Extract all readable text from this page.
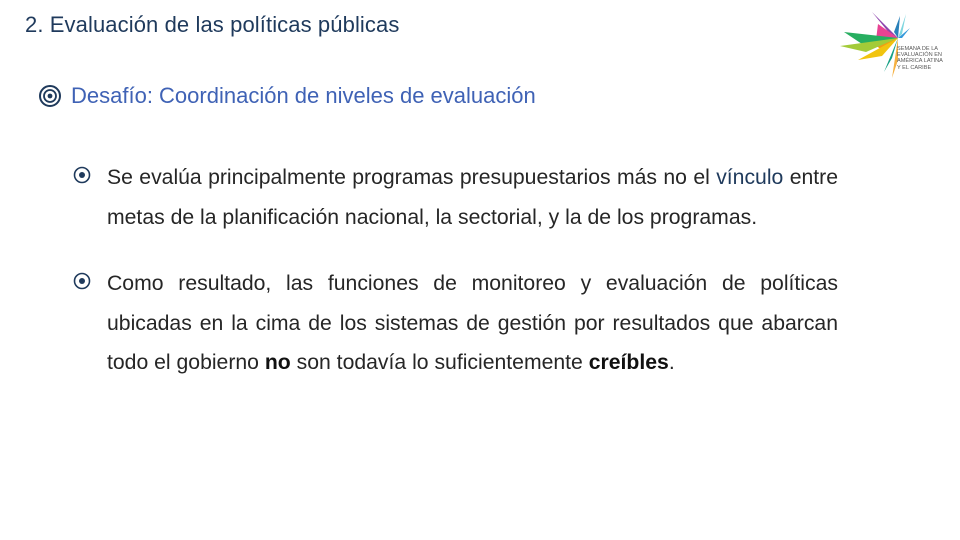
2. Evaluación de las políticas públicas
SEMANA DE LA
EVALUACIÓN EN
AMÉRICA LATINA
Y EL CARIBE
Desafío: Coordinación de niveles de evaluación
Se evalúa principalmente programas presupuestarios más no el vínculo entre metas de la planificación nacional, la sectorial, y la de los programas.
Como resultado, las funciones de monitoreo y evaluación de políticas ubicadas en la cima de los sistemas de gestión por resultados que abarcan todo el gobierno no son todavía lo suficientemente creíbles.
